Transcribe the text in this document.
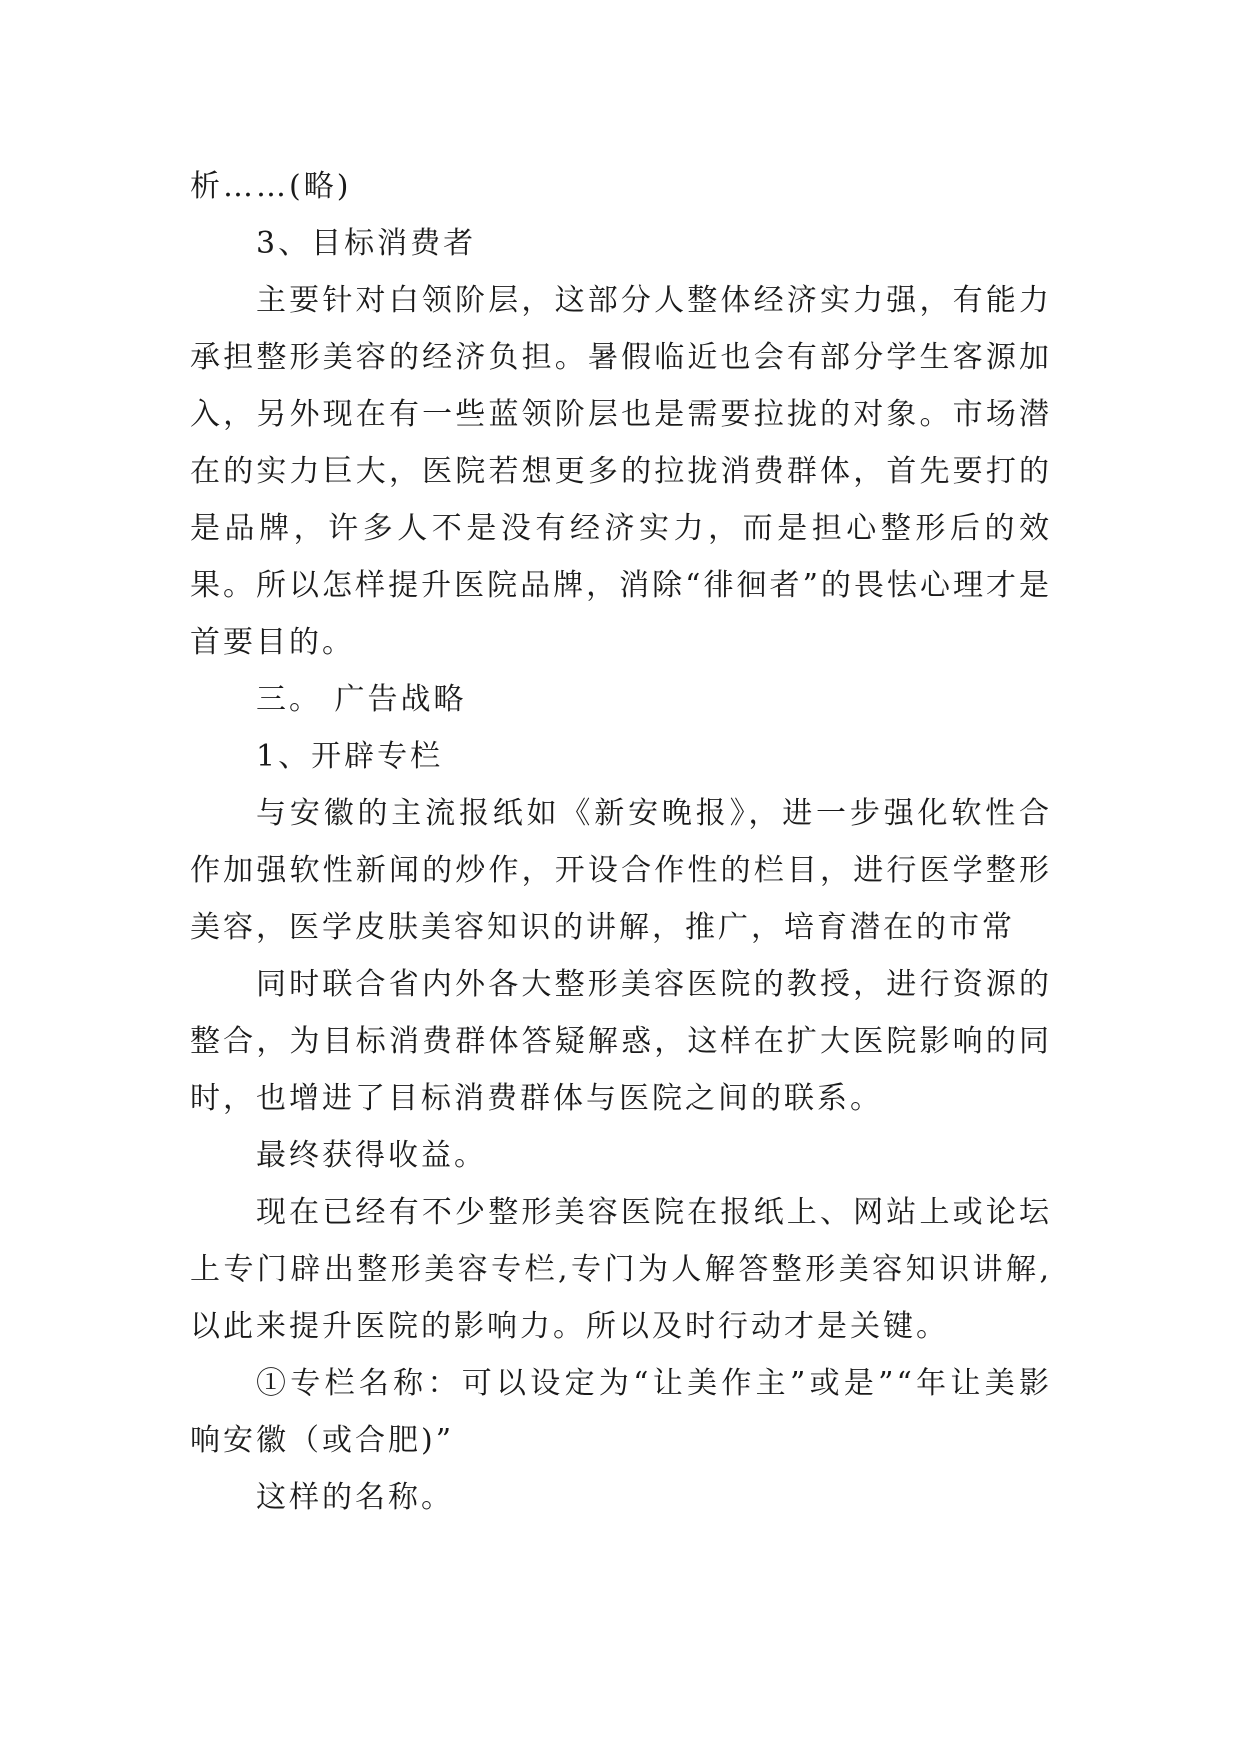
析……(略)

3、目标消费者

主要针对白领阶层，这部分人整体经济实力强，有能力承担整形美容的经济负担。暑假临近也会有部分学生客源加入，另外现在有一些蓝领阶层也是需要拉拢的对象。市场潜在的实力巨大，医院若想更多的拉拢消费群体，首先要打的是品牌，许多人不是没有经济实力，而是担心整形后的效果。所以怎样提升医院品牌，消除“徘徊者”的畏怯心理才是首要目的。

三。 广告战略

1、开辟专栏

与安徽的主流报纸如《新安晚报》，进一步强化软性合作加强软性新闻的炒作，开设合作性的栏目，进行医学整形美容，医学皮肤美容知识的讲解，推广，培育潜在的市常

同时联合省内外各大整形美容医院的教授，进行资源的整合，为目标消费群体答疑解惑，这样在扩大医院影响的同时，也增进了目标消费群体与医院之间的联系。

最终获得收益。

现在已经有不少整形美容医院在报纸上、网站上或论坛上专门辟出整形美容专栏,专门为人解答整形美容知识讲解,以此来提升医院的影响力。所以及时行动才是关键。

①专栏名称：可以设定为“让美作主”或是”“年让美影响安徽（或合肥)”

这样的名称。
